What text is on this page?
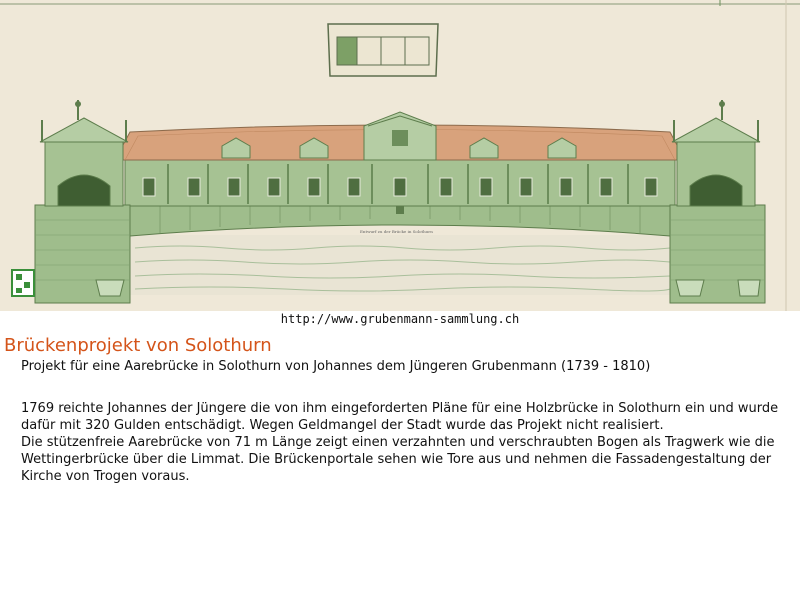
Entwurf zu der Brücke in Solothurn
http://www.grubenmann-sammlung.ch
Brückenprojekt von Solothurn
Projekt für eine Aarebrücke in Solothurn von Johannes dem Jüngeren Grubenmann (1739 - 1810)

1769 reichte Johannes der Jüngere die von ihm eingeforderten Pläne für eine Holzbrücke in Solothurn ein und wurde dafür mit 320 Gulden entschädigt. Wegen Geldmangel der Stadt wurde das Projekt nicht realisiert.

Die stützenfreie Aarebrücke von 71 m Länge zeigt einen verzahnten und verschraubten Bogen als Tragwerk wie die Wettingerbrücke über die Limmat. Die Brückenportale sehen wie Tore aus und nehmen die Fassadengestaltung der Kirche von Trogen voraus.
